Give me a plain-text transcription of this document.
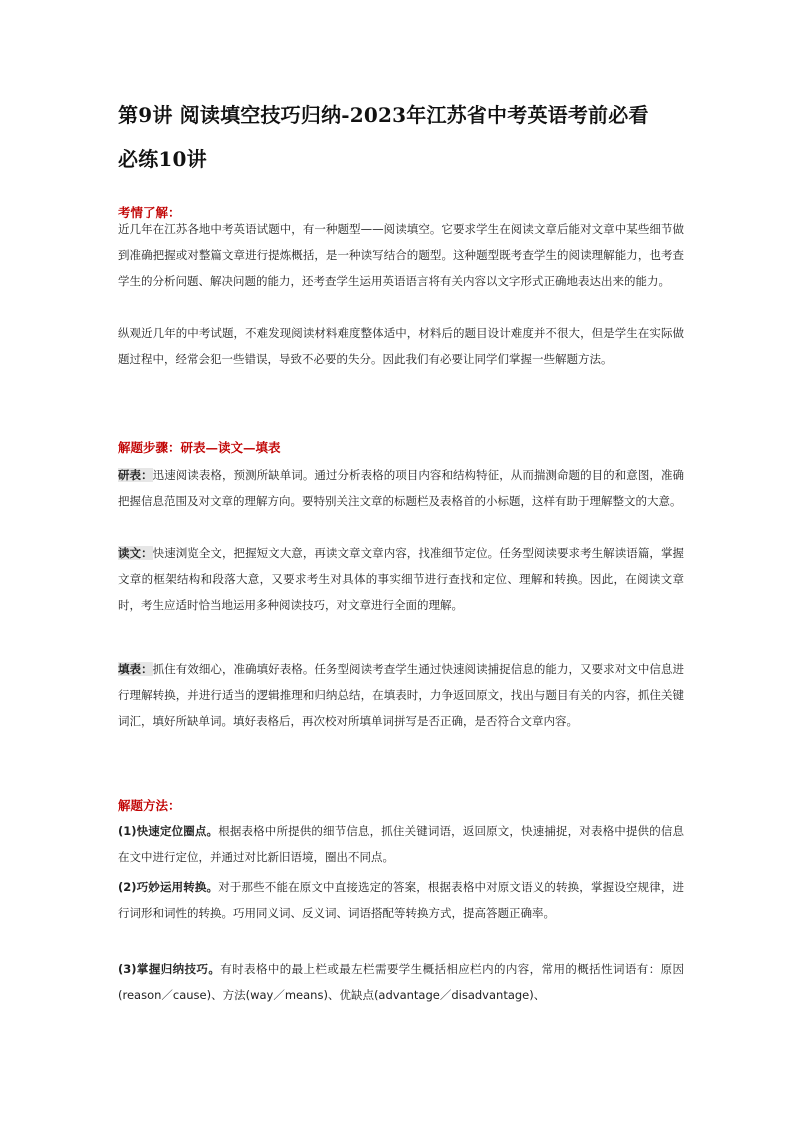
第9讲 阅读填空技巧归纳-2023年江苏省中考英语考前必看
必练10讲
考情了解：
近几年在江苏各地中考英语试题中，有一种题型——阅读填空。它要求学生在阅读文章后能对文章中某些细节做到准确把握或对整篇文章进行提炼概括，是一种读写结合的题型。这种题型既考查学生的阅读理解能力，也考查学生的分析问题、解决问题的能力，还考查学生运用英语语言将有关内容以文字形式正确地表达出来的能力。
纵观近几年的中考试题，不难发现阅读材料难度整体适中，材料后的题目设计难度并不很大，但是学生在实际做题过程中，经常会犯一些错误，导致不必要的失分。因此我们有必要让同学们掌握一些解题方法。
解题步骤：研表—读文—填表
研表：迅速阅读表格，预测所缺单词。通过分析表格的项目内容和结构特征，从而揣测命题的目的和意图，准确把握信息范围及对文章的理解方向。要特别关注文章的标题栏及表格首的小标题，这样有助于理解整文的大意。
读文：快速浏览全文，把握短文大意，再读文章文章内容，找准细节定位。任务型阅读要求考生解读语篇，掌握文章的框架结构和段落大意，又要求考生对具体的事实细节进行查找和定位、理解和转换。因此，在阅读文章时，考生应适时恰当地运用多种阅读技巧，对文章进行全面的理解。
填表：抓住有效细心，准确填好表格。任务型阅读考查学生通过快速阅读捕捉信息的能力，又要求对文中信息进行理解转换，并进行适当的逻辑推理和归纳总结，在填表时，力争返回原文，找出与题目有关的内容，抓住关键词汇，填好所缺单词。填好表格后，再次校对所填单词拼写是否正确，是否符合文章内容。
解题方法：
(1)快速定位圈点。根据表格中所提供的细节信息，抓住关键词语，返回原文，快速捕捉，对表格中提供的信息在文中进行定位，并通过对比新旧语境，圈出不同点。
(2)巧妙运用转换。对于那些不能在原文中直接选定的答案，根据表格中对原文语义的转换，掌握设空规律，进行词形和词性的转换。巧用同义词、反义词、词语搭配等转换方式，提高答题正确率。
(3)掌握归纳技巧。有时表格中的最上栏或最左栏需要学生概括相应栏内的内容，常用的概括性词语有：原因(reason／cause)、方法(way／means)、优缺点(advantage／disadvantage)、
